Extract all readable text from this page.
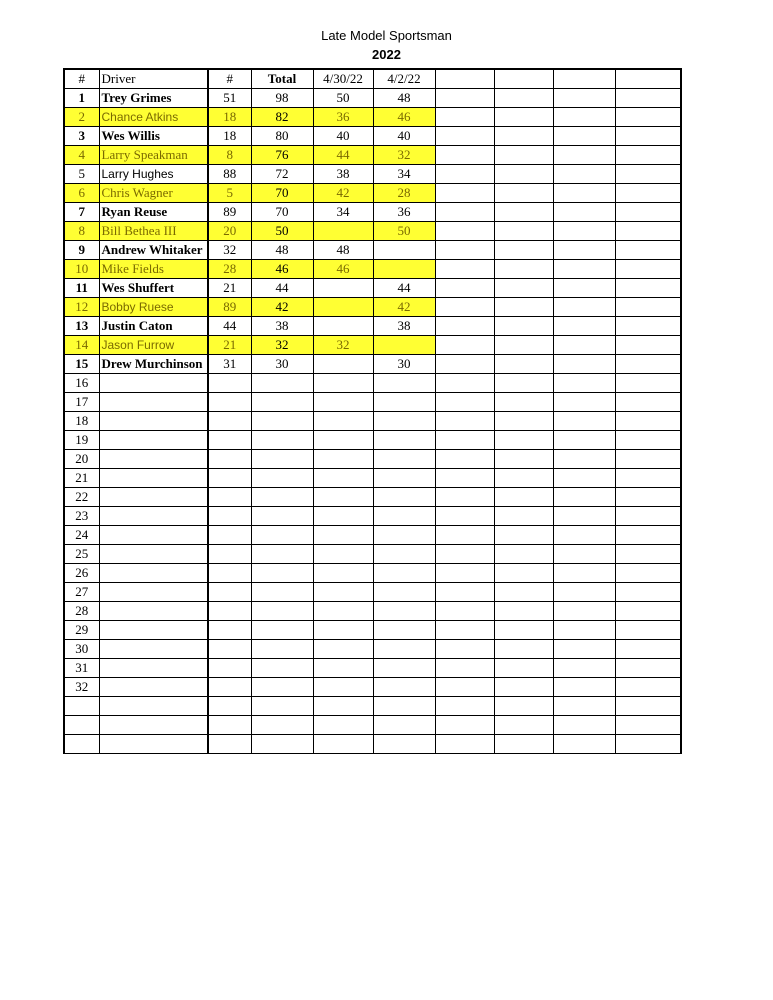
Late Model Sportsman
2022
#	Driver	#	Total	4/30/22	4/2/22				
1	Trey Grimes	51	98	50	48				
2	Chance Atkins	18	82	36	46				
3	Wes Willis	18	80	40	40				
4	Larry Speakman	8	76	44	32				
5	Larry Hughes	88	72	38	34				
6	Chris Wagner	5	70	42	28				
7	Ryan Reuse	89	70	34	36				
8	Bill Bethea III	20	50		50				
9	Andrew Whitaker	32	48	48					
10	Mike Fields	28	46	46					
11	Wes Shuffert	21	44		44				
12	Bobby Ruese	89	42		42				
13	Justin Caton	44	38		38				
14	Jason Furrow	21	32	32					
15	Drew Murchinson	31	30		30				
16									
17									
18									
19									
20									
21									
22									
23									
24									
25									
26									
27									
28									
29									
30									
31									
32									
